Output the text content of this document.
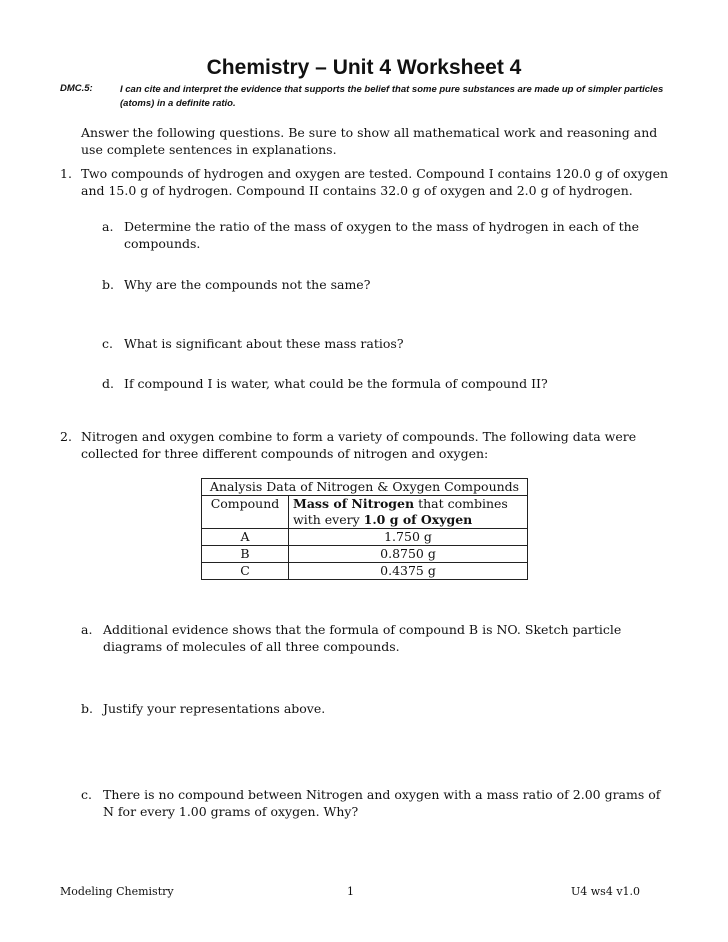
Chemistry – Unit 4 Worksheet 4
DMC.5:	I can cite and interpret the evidence that supports the belief that some pure substances are made up of simpler particles (atoms) in a definite ratio.
Answer the following questions. Be sure to show all mathematical work and reasoning and use complete sentences in explanations.
1. Two compounds of hydrogen and oxygen are tested. Compound I contains 120.0 g of oxygen and 15.0 g of hydrogen. Compound II contains 32.0 g of oxygen and 2.0 g of hydrogen.
a. Determine the ratio of the mass of oxygen to the mass of hydrogen in each of the compounds.
b. Why are the compounds not the same?
c. What is significant about these mass ratios?
d. If compound I is water, what could be the formula of compound II?
2. Nitrogen and oxygen combine to form a variety of compounds. The following data were collected for three different compounds of nitrogen and oxygen:
Analysis Data of Nitrogen & Oxygen Compounds	
Compound	Mass of Nitrogen that combines with every 1.0 g of Oxygen
A	1.750 g
B	0.8750 g
C	0.4375 g
a. Additional evidence shows that the formula of compound B is NO. Sketch particle diagrams of molecules of all three compounds.
b. Justify your representations above.
c. There is no compound between Nitrogen and oxygen with a mass ratio of 2.00 grams of N for every 1.00 grams of oxygen. Why?
Modeling Chemistry	1	U4 ws4 v1.0
